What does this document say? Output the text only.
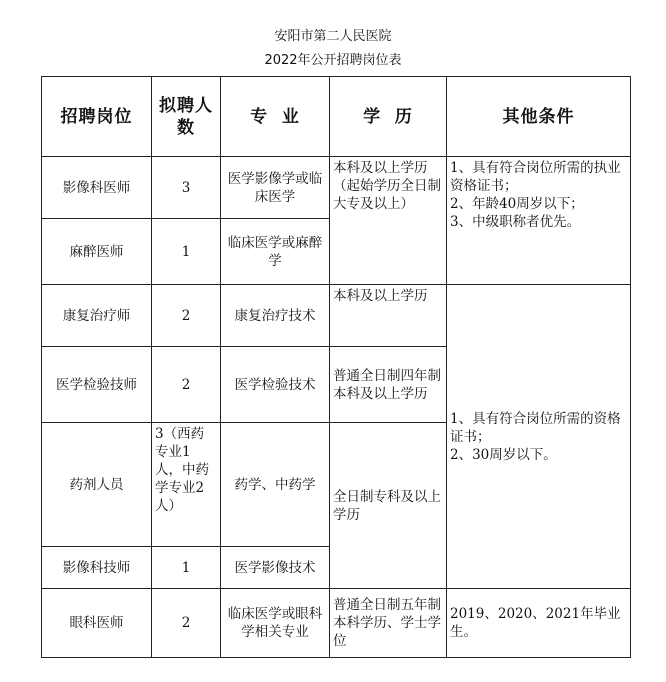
安阳市第二人民医院
2022年公开招聘岗位表
招聘岗位	拟聘人数	专  业	学  历	其他条件
影像科医师	3	医学影像学或临床医学	本科及以上学历（起始学历全日制大专及以上）	1、具有符合岗位所需的执业资格证书；
2、年龄40周岁以下；
3、中级职称者优先。
麻醉医师	1	临床医学或麻醉学		
康复治疗师	2	康复治疗技术	本科及以上学历	1、具有符合岗位所需的资格证书；
2、30周岁以下。
医学检验技师	2	医学检验技术	普通全日制四年制本科及以上学历	
药剂人员	3（西药专业1人，中药学专业2人）	药学、中药学	全日制专科及以上学历	
影像科技师	1	医学影像技术		
眼科医师	2	临床医学或眼科学相关专业	普通全日制五年制本科学历、学士学位	2019、2020、2021年毕业生。
